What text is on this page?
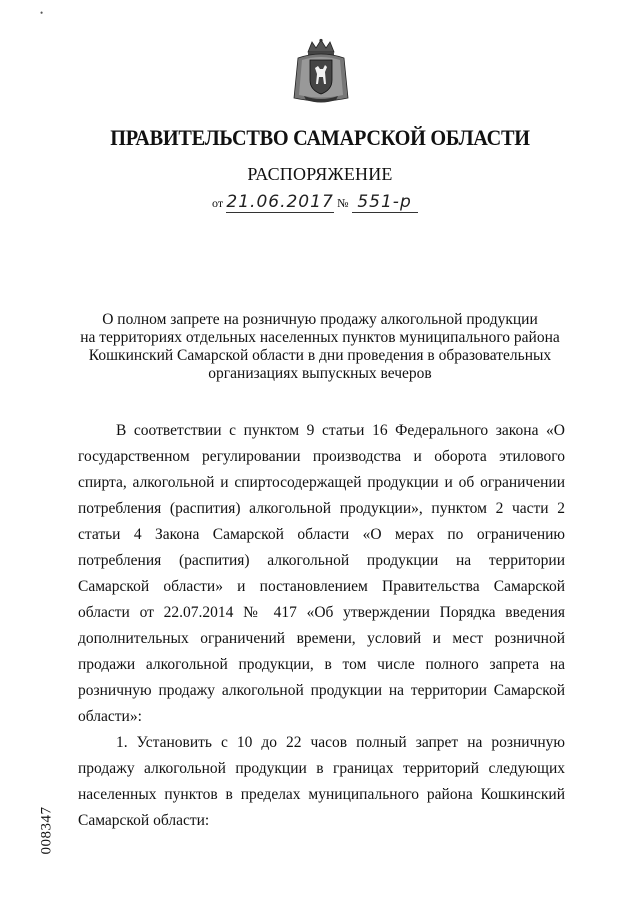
•
ПРАВИТЕЛЬСТВО САМАРСКОЙ ОБЛАСТИ
РАСПОРЯЖЕНИЕ
от 21.06.2017 № 551-р
О полном запрете на розничную продажу алкогольной продукции
на территориях отдельных населенных пунктов муниципального района
Кошкинский Самарской области в дни проведения в образовательных
организациях выпускных вечеров

В соответствии с пунктом 9 статьи 16 Федерального закона «О государственном регулировании производства и оборота этилового спирта, алкогольной и спиртосодержащей продукции и об ограничении потребления (распития) алкогольной продукции», пунктом 2 части 2 статьи 4 Закона Самарской области «О мерах по ограничению потребления (распития) алкогольной продукции на территории Самарской области» и постановлением Правительства Самарской области от 22.07.2014 № 417 «Об утверждении Порядка введения дополнительных ограничений времени, условий и мест розничной продажи алкогольной продукции, в том числе полного запрета на розничную продажу алкогольной продукции на территории Самарской области»:

1. Установить с 10 до 22 часов полный запрет на розничную продажу алкогольной продукции в границах территорий следующих населенных пунктов в пределах муниципального района Кошкинский Самарской области:

008347
